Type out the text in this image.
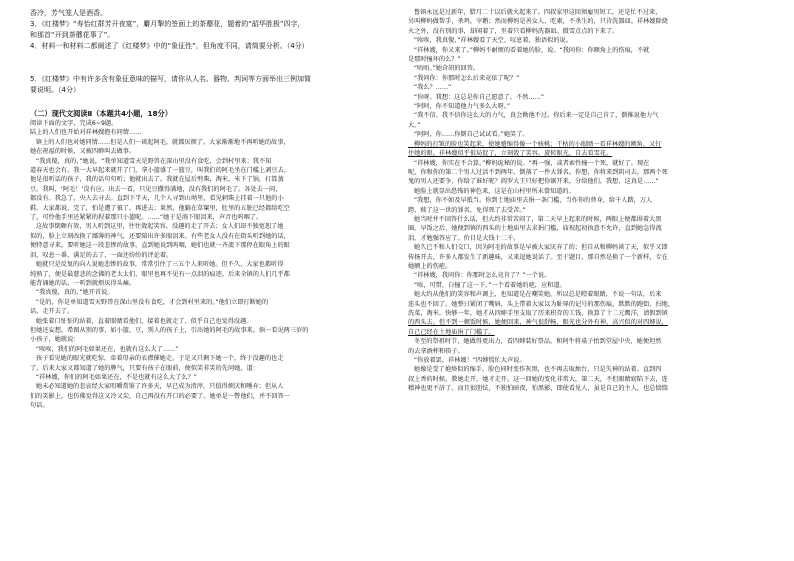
香冷，芳气笼人是酒香。
3．《红楼梦》“寿怡红群芳开夜宴”，麝月掣的签面上的茶蘼花，题着的“韶华胜极”四字，
和那首“开到荼蘼花事了”。
4．材料一和材料二都阐述了《红楼梦》中的“象征性”，但角度不同，请简要分析。（4分）
5．《红楼梦》中有许多含有象征意味的描写，请你从人名、器物、判词等方面举出三例加简
要说明。（4分）
（二）现代文阅读Ⅱ（本题共4小题，18分）
阅读下面的文字，完成6~9题。
陆上的人们也开始对祥林嫂抱有同情……
镇上的人们也对她同情……但是人们一谈起阿毛，就都厌烦了。大家渐渐地不再听她的故事，
她在祝福的时候，又被四婶叫去做事。
“我真傻，真的，”她说，“我单知道雪天是野兽在深山里没有食吃，会到村里来；我不知
道春天也会有。我一大早起来就开了门，拿小篮盛了一篮豆，叫我们的阿毛坐在门槛上剥豆去。
他是很听话的孩子，我的话句句听；他就出去了。我就在屋后劈柴，淘米，米下了锅，打算蒸
豆。我叫，‘阿毛！’没有应。出去一看，只见豆撒得满地，没有我们的阿毛了。各处去一问，
都没有。我急了，央人去寻去。直到下半天，几个人寻到山坳里，看见刺柴上挂着一只他的小
鞋。大家都说，完了，怕是遭了狼了。再进去；果然，他躺在草窠里，肚里的五脏已经都给吃空
了，可怜他手里还紧紧的捏着那只小篮呢。……”她于是淌下眼泪来，声音也呜咽了。
这故事倒颇有效，男人听到这里，往往敛起笑容，没趣的走了开去；女人们却不独宽恕了她
似的，脸上立刻改换了鄙薄的神气，还要陪出许多眼泪来。有些老女人没有在街头听到她的话，
便特意寻来，要听她这一段悲惨的故事。直到她说到呜咽，她们也就一齐流下那停在眼角上的眼
泪，叹息一番，满足的去了，一面还纷纷的评论着。
她就只是反复的向人说她悲惨的故事，常常引住了三五个人来听她。但不久，大家也都听得
纯熟了，便是最慈悲的念佛的老太太们，眼里也再不见有一点泪的痕迹。后来全镇的人们几乎都
能背诵她的话，一听到就烦厌得头痛。
“我真傻，真的，”她开首说。
“是的，你是单知道雪天野兽在深山里没有食吃，才会到村里来的。”他们立即打断她的
话，走开去了。
她张着口怔怔的站着，直着眼睛看他们，接着也就走了，似乎自己也觉得没趣。
但她还妄想，希图从别的事，如小篮，豆，别人的孩子上，引出她的阿毛的故事来。倘一看见两三岁的
小孩子，她就说：
“唉唉，我们的阿毛如果还在，也就有这么大了……”
孩子看见她的眼光就吃惊，牵着母亲的衣襟催她走。于是又只剩下她一个，终于没趣的也走
了，后来大家又都知道了她的脾气，只要有孩子在眼前，便似笑非笑的先问她，道：
“祥林嫂，你们的阿毛如果还在，不是也就有这么大了么？”
她未必知道她的悲哀经大家咀嚼赏鉴了许多天，早已成为渣滓，只值得烦厌和唾弃；但从人
们的笑影上，也仿佛觉得这又冷又尖，自己再没有开口的必要了。她单是一瞥他们，并不回答一
句话。
鲁镇永远是过新年，腊月二十以后就火起来了。四叔家里这回须雇男短工，还是忙不过来，
另叫柳妈做帮手，杀鸡，宰鹅；然而柳妈是善女人，吃素，不杀生的，只肯洗器皿。祥林嫂除烧
火之外，没有别的事，却闲着了，坐着只看柳妈洗器皿。微雪点点的下来了。
“唉唉，我真傻，”祥林嫂看了天空，叹息着，独语似的说。
“祥林嫂，你又来了。”柳妈不耐烦的看着她的脸，说。“我问你：你额角上的伤痕，不就
是那时撞坏的么？”
“唔唔。”她含胡的回答。
“我问你：你那时怎么后来竟依了呢？”
“我么？……”
“你呀。我想：这总是你自己愿意了，不然……”
“阿阿，你不知道他力气多么大呀。”
“我不信。我不信你这么大的力气，真会拗他不过。你后来一定是自己肯了，倒推说他力气
大。”
“阿阿，你……你倒自己试试看。”她笑了。
柳妈的打皱的脸也笑起来，使她蹙缩得像一个核桃；干枯的小眼睛一看祥林嫂的额角，又钉
住她的眼。祥林嫂似乎很局促了，立刻敛了笑容，旋转眼光，自去看雪花。
“祥林嫂，你实在不合算。”柳妈诡秘的说。“再一强，或者索性撞一个死，就好了。现在
呢，你和你的第二个男人过活不到两年，倒落了一件大罪名。你想，你将来到阴司去，那两个死
鬼的男人还要争，你给了谁好呢？阎罗大王只好把你锯开来，分给他们。我想，这真是……”
她脸上就显出恐怖的神色来，这是在山村里所未曾知道的。
“我想，你不如及早抵当。你到土地庙里去捐一条门槛，当作你的替身，给千人踏，万人
跨，赎了这一世的罪名，免得死了去受苦。”
她当时并不回答什么话，但大约非常苦闷了，第二天早上起来的时候，两眼上便都围着大黑
圈。早饭之后，她便到镇的西头的土地庙里去求捐门槛，庙祝起初执意不允许，直到她急得流
泪，才勉强答应了。价目是大钱十二千。
她久已不和人们交口，因为阿毛的故事是早被大家厌弃了的；但自从和柳妈谈了天，似乎又即
传扬开去，许多人都发生了新趣味，又来逗她说话了。至于题目，那自然是换了一个新样，专在
她额上的伤疤。
“祥林嫂，我问你：你那时怎么竟肯了？”一个说。
“唉，可惜，白撞了这一下。”一个看着她的疤，应和道。
她大约从他们的笑容和声调上，也知道是在嘲笑她，所以总是瞪着眼睛，不说一句话，后来
连头也不回了。她整日紧闭了嘴唇，头上带着大家以为耻辱的记号的那伤痕，默默的跑街，扫地，
洗菜，淘米。快够一年，她才从四婶手里支取了历来积存的工钱，换算了十二元鹰洋，请假到镇
的西头去。但不到一顿饭时候，她便回来，神气很舒畅，眼光也分外有神，高兴似的对四婶说，
自己已经在土地庙捐了门槛了。
冬至的祭祖时节，她做得更出力，看四婶装好祭品，和阿牛将桌子抬到堂屋中央，她便坦然
的去拿酒杯和筷子。
“你放着罢，祥林嫂！”四婶慌忙大声说。
她像是受了炮烙似的缩手，脸色同时变作灰黑，也不再去取烛台，只是失神的站着。直到四
叔上香的时候，教她走开，她才走开。这一回她的变化非常大，第二天，不但眼睛窈陷下去，连
精神也更不济了。而且很胆怯，不独怕暗夜，怕黑影，即使看见人，虽是自己的主人，也总惴惴
